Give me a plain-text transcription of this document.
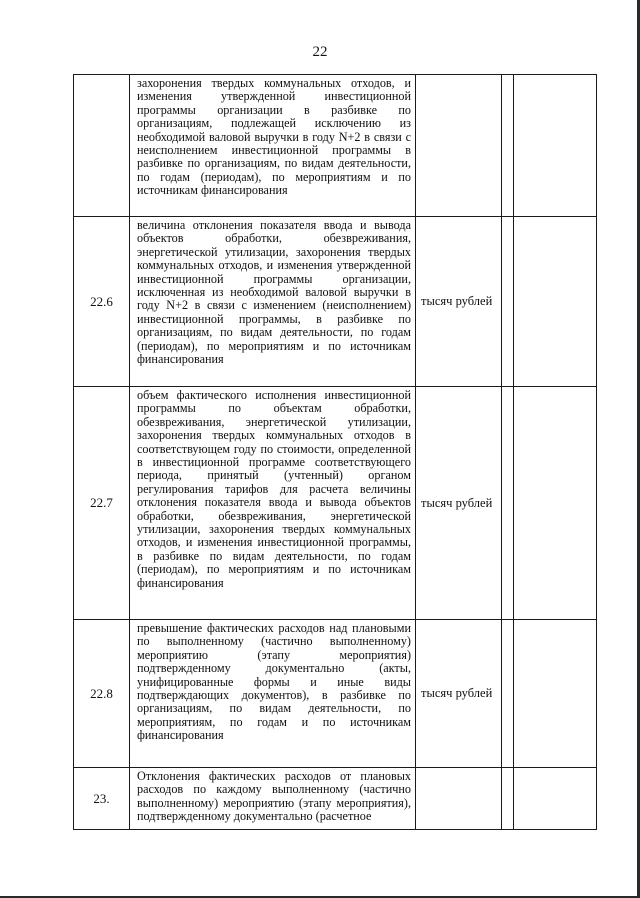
22

	захоронения твердых коммунальных отходов, и изменения утвержденной инвестиционной программы организации в разбивке по организациям, подлежащей исключению из необходимой валовой выручки в году N+2 в связи с неисполнением инвестиционной программы в разбивке по организациям, по видам деятельности, по годам (периодам), по мероприятиям и по источникам финансирования			

22.6	величина отклонения показателя ввода и вывода объектов обработки, обезвреживания, энергетической утилизации, захоронения твердых коммунальных отходов, и изменения утвержденной инвестиционной программы организации, исключенная из необходимой валовой выручки в году N+2 в связи с изменением (неисполнением) инвестиционной программы, в разбивке по организациям, по видам деятельности, по годам (периодам), по мероприятиям и по источникам финансирования	тысяч рублей		
22.7	объем фактического исполнения инвестиционной программы по объектам обработки, обезвреживания, энергетической утилизации, захоронения твердых коммунальных отходов в соответствующем году по стоимости, определенной в инвестиционной программе соответствующего периода, принятый (учтенный) органом регулирования тарифов для расчета величины отклонения показателя ввода и вывода объектов обработки, обезвреживания, энергетической утилизации, захоронения твердых коммунальных отходов, и изменения инвестиционной программы, в разбивке по видам деятельности, по годам (периодам), по мероприятиям и по источникам финансирования	тысяч рублей		
22.8	превышение фактических расходов над плановыми по выполненному (частично выполненному) мероприятию (этапу мероприятия) подтвержденному документально (акты, унифицированные формы и иные виды подтверждающих документов), в разбивке по организациям, по видам деятельности, по мероприятиям, по годам и по источникам финансирования	тысяч рублей		
23.	Отклонения фактических расходов от плановых расходов по каждому выполненному (частично выполненному) мероприятию (этапу мероприятия), подтвержденному документально (расчетное			
